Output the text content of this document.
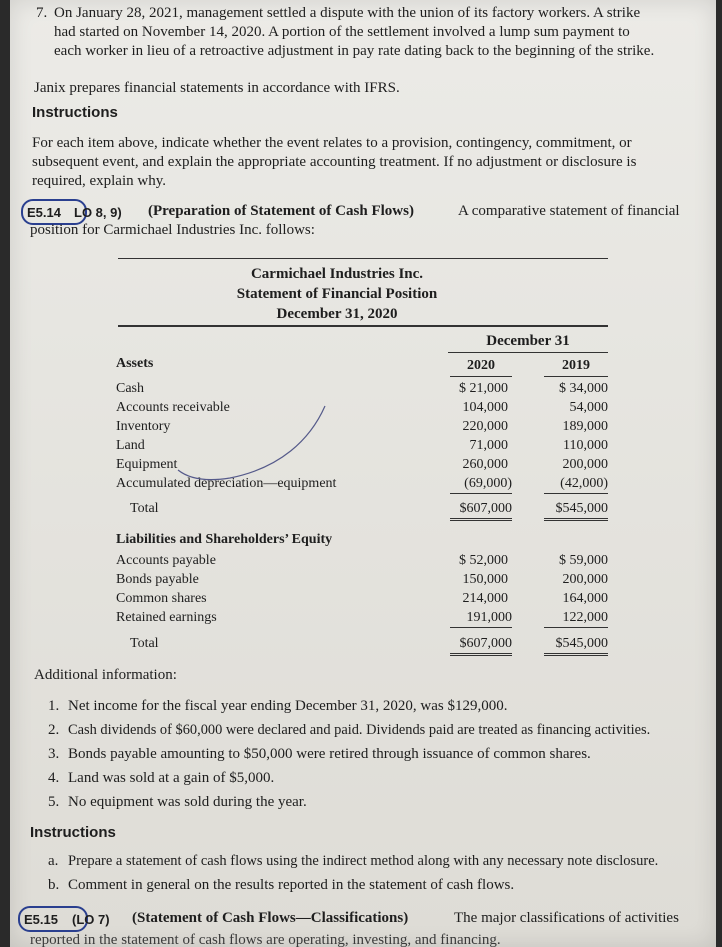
7. On January 28, 2021, management settled a dispute with the union of its factory workers. A strike
had started on November 14, 2020. A portion of the settlement involved a lump sum payment to
each worker in lieu of a retroactive adjustment in pay rate dating back to the beginning of the strike.
Janix prepares financial statements in accordance with IFRS.
Instructions
For each item above, indicate whether the event relates to a provision, contingency, commitment, or
subsequent event, and explain the appropriate accounting treatment. If no adjustment or disclosure is
required, explain why.
E5.14 LO 8, 9) (Preparation of Statement of Cash Flows)	A comparative statement of financial
position for Carmichael Industries Inc. follows:
Carmichael Industries Inc.
Statement of Financial Position
December 31, 2020
December 31
2020	2019
Assets
Cash	$ 21,000	$ 34,000
Accounts receivable	104,000	54,000
Inventory	220,000	189,000
Land	71,000	110,000
Equipment	260,000	200,000
Accumulated depreciation—equipment	(69,000)	(42,000)
Total	$607,000	$545,000
Liabilities and Shareholders’ Equity
Accounts payable	$ 52,000	$ 59,000
Bonds payable	150,000	200,000
Common shares	214,000	164,000
Retained earnings	191,000	122,000
Total	$607,000	$545,000
Additional information:
1. Net income for the fiscal year ending December 31, 2020, was $129,000.
2. Cash dividends of $60,000 were declared and paid. Dividends paid are treated as financing activities.
3. Bonds payable amounting to $50,000 were retired through issuance of common shares.
4. Land was sold at a gain of $5,000.
5. No equipment was sold during the year.
Instructions
a. Prepare a statement of cash flows using the indirect method along with any necessary note disclosure.
b. Comment in general on the results reported in the statement of cash flows.
E5.15 (LO 7) (Statement of Cash Flows—Classifications)	The major classifications of activities
reported in the statement of cash flows are operating, investing, and financing.
